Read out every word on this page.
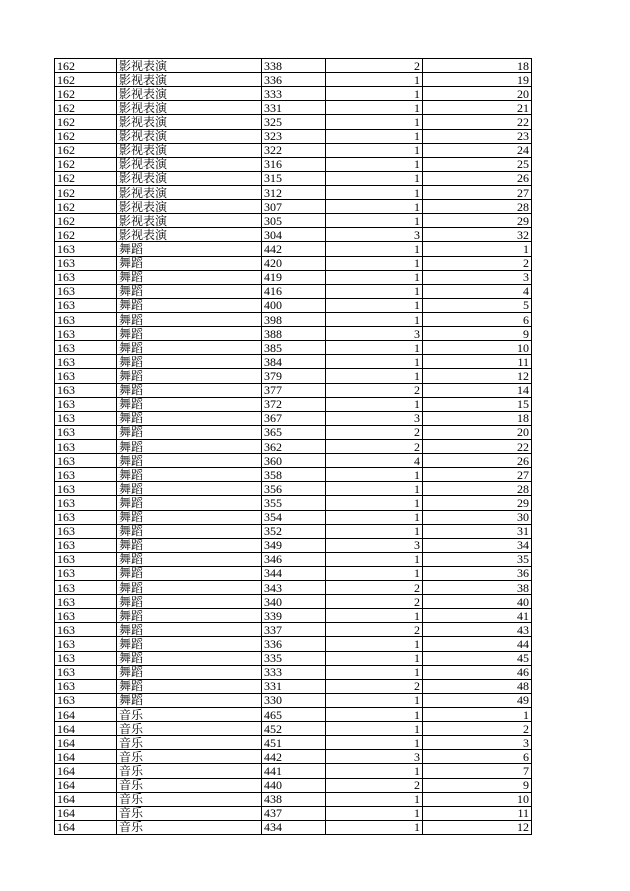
162	影视表演	338	2	18
162	影视表演	336	1	19
162	影视表演	333	1	20
162	影视表演	331	1	21
162	影视表演	325	1	22
162	影视表演	323	1	23
162	影视表演	322	1	24
162	影视表演	316	1	25
162	影视表演	315	1	26
162	影视表演	312	1	27
162	影视表演	307	1	28
162	影视表演	305	1	29
162	影视表演	304	3	32
163	舞蹈	442	1	1
163	舞蹈	420	1	2
163	舞蹈	419	1	3
163	舞蹈	416	1	4
163	舞蹈	400	1	5
163	舞蹈	398	1	6
163	舞蹈	388	3	9
163	舞蹈	385	1	10
163	舞蹈	384	1	11
163	舞蹈	379	1	12
163	舞蹈	377	2	14
163	舞蹈	372	1	15
163	舞蹈	367	3	18
163	舞蹈	365	2	20
163	舞蹈	362	2	22
163	舞蹈	360	4	26
163	舞蹈	358	1	27
163	舞蹈	356	1	28
163	舞蹈	355	1	29
163	舞蹈	354	1	30
163	舞蹈	352	1	31
163	舞蹈	349	3	34
163	舞蹈	346	1	35
163	舞蹈	344	1	36
163	舞蹈	343	2	38
163	舞蹈	340	2	40
163	舞蹈	339	1	41
163	舞蹈	337	2	43
163	舞蹈	336	1	44
163	舞蹈	335	1	45
163	舞蹈	333	1	46
163	舞蹈	331	2	48
163	舞蹈	330	1	49
164	音乐	465	1	1
164	音乐	452	1	2
164	音乐	451	1	3
164	音乐	442	3	6
164	音乐	441	1	7
164	音乐	440	2	9
164	音乐	438	1	10
164	音乐	437	1	11
164	音乐	434	1	12
